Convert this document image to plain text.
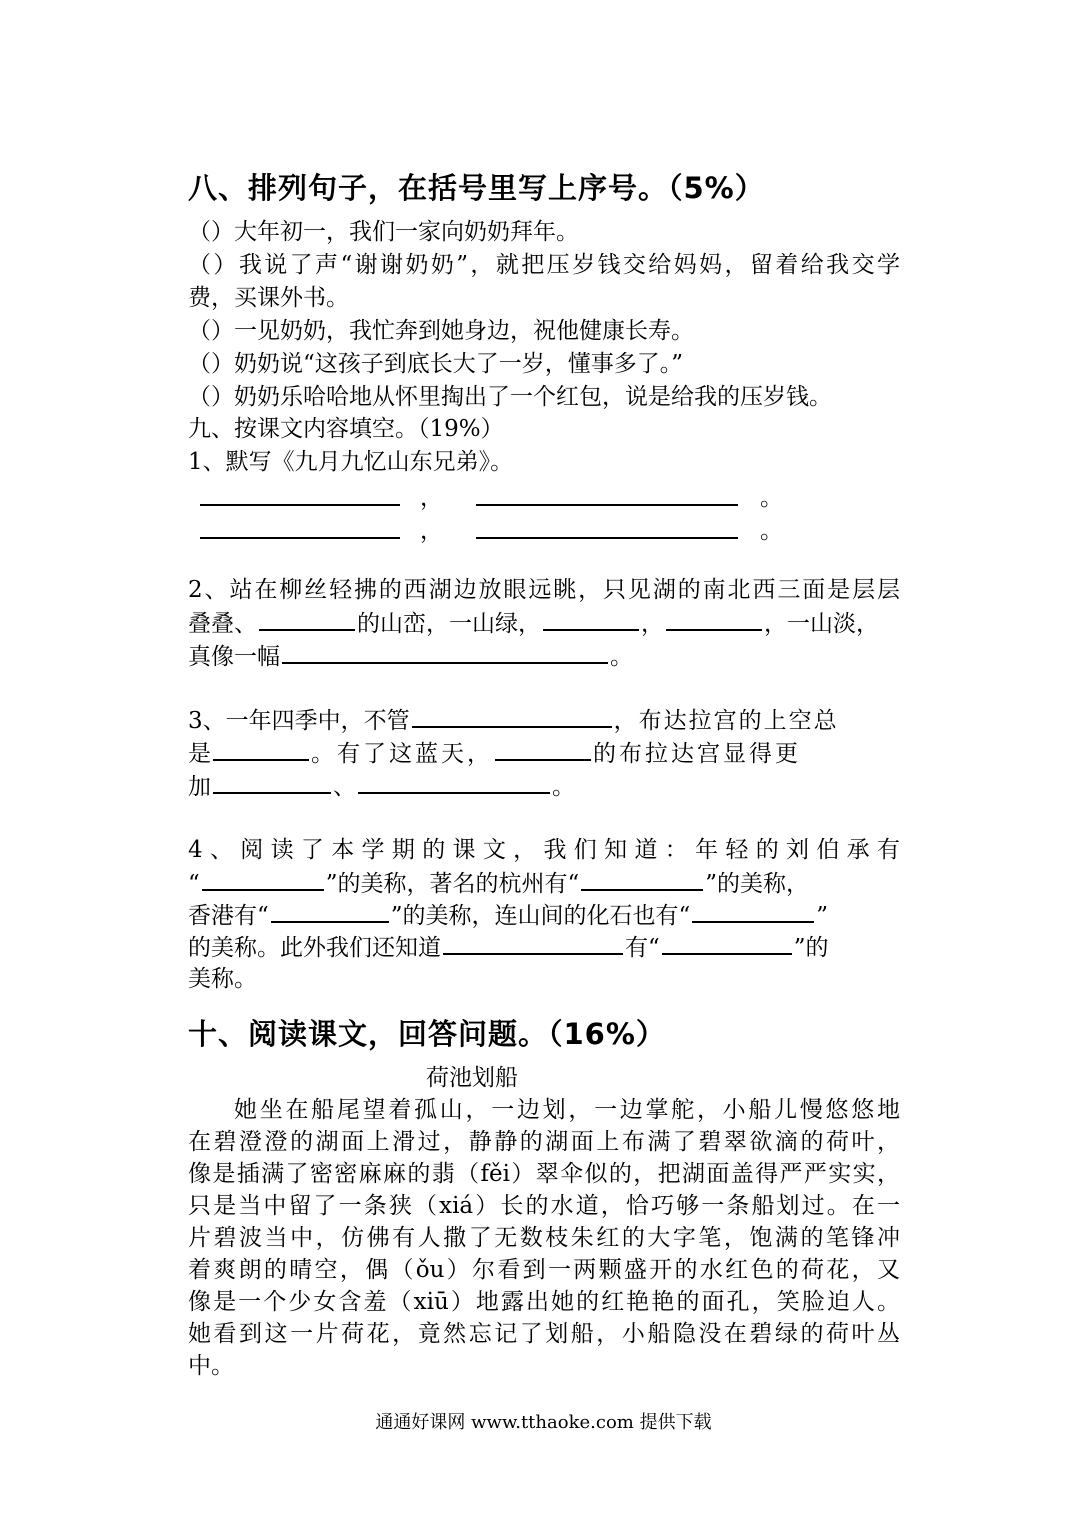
八、排列句子，在括号里写上序号。（5%）
（）大年初一，我们一家向奶奶拜年。
（）我说了声“谢谢奶奶”，就把压岁钱交给妈妈，留着给我交学
费，买课外书。
（）一见奶奶，我忙奔到她身边，祝他健康长寿。
（）奶奶说“这孩子到底长大了一岁，懂事多了。”
（）奶奶乐哈哈地从怀里掏出了一个红包，说是给我的压岁钱。
九、按课文内容填空。（19%）
1、默写《九月九忆山东兄弟》。
，	。
，	。
2、站在柳丝轻拂的西湖边放眼远眺，只见湖的南北西三面是层层
叠叠、	的山峦，一山绿，	，	，一山淡，
真像一幅	。
3、一年四季中，不管	，布达拉宫的上空总
是	。有了这蓝天，	的布拉达宫显得更
加	、	。
4、阅读了本学期的课文，我们知道：年轻的刘伯承有
“	”的美称，著名的杭州有“	”的美称，
香港有“	”的美称，连山间的化石也有“	”
的美称。此外我们还知道	有“	”的
美称。
十、阅读课文，回答问题。（16%）
荷池划船
她坐在船尾望着孤山，一边划，一边掌舵，小船儿慢悠悠地
在碧澄澄的湖面上滑过，静静的湖面上布满了碧翠欲滴的荷叶，
像是插满了密密麻麻的翡（fěi）翠伞似的，把湖面盖得严严实实，
只是当中留了一条狭（xiá）长的水道，恰巧够一条船划过。在一
片碧波当中，仿佛有人撒了无数枝朱红的大字笔，饱满的笔锋冲
着爽朗的晴空，偶（ǒu）尔看到一两颗盛开的水红色的荷花，又
像是一个少女含羞（xiū）地露出她的红艳艳的面孔，笑脸迫人。
她看到这一片荷花，竟然忘记了划船，小船隐没在碧绿的荷叶丛
中。
通通好课网 www.tthaoke.com 提供下载
